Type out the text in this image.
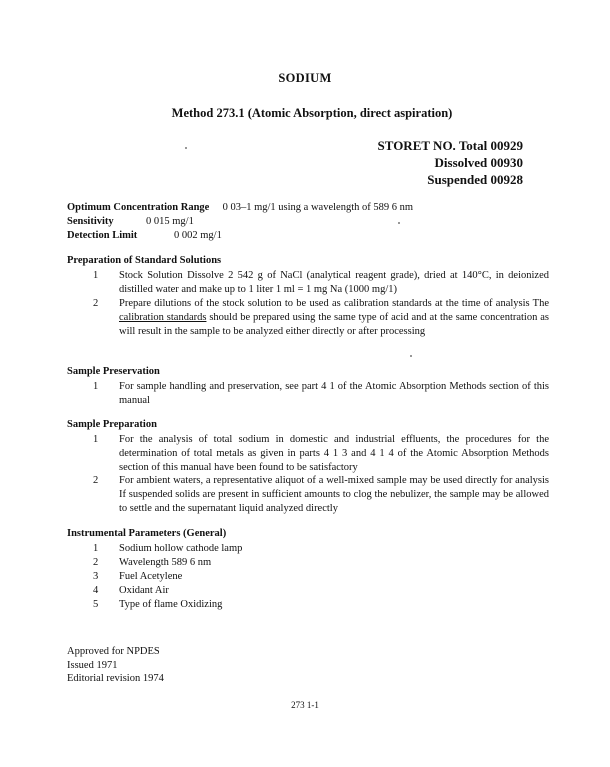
SODIUM
Method 273.1 (Atomic Absorption, direct aspiration)
STORET NO. Total 00929
Dissolved 00930
Suspended 00928
Optimum Concentration Range 0 03–1 mg/1 using a wavelength of 589 6 nm
Sensitivity	0 015 mg/1
Detection Limit	0 002 mg/1
Preparation of Standard Solutions
1 Stock Solution Dissolve 2 542 g of NaCl (analytical reagent grade), dried at 140°C, in deionized distilled water and make up to 1 liter 1 ml = 1 mg Na (1000 mg/1)
2 Prepare dilutions of the stock solution to be used as calibration standards at the time of analysis The calibration standards should be prepared using the same type of acid and at the same concentration as will result in the sample to be analyzed either directly or after processing
Sample Preservation
1 For sample handling and preservation, see part 4 1 of the Atomic Absorption Methods section of this manual
Sample Preparation
1 For the analysis of total sodium in domestic and industrial effluents, the procedures for the determination of total metals as given in parts 4 1 3 and 4 1 4 of the Atomic Absorption Methods section of this manual have been found to be satisfactory
2 For ambient waters, a representative aliquot of a well-mixed sample may be used directly for analysis If suspended solids are present in sufficient amounts to clog the nebulizer, the sample may be allowed to settle and the supernatant liquid analyzed directly
Instrumental Parameters (General)
1 Sodium hollow cathode lamp
2 Wavelength 589 6 nm
3 Fuel Acetylene
4 Oxidant Air
5 Type of flame Oxidizing
Approved for NPDES
Issued 1971
Editorial revision 1974
273 1-1
